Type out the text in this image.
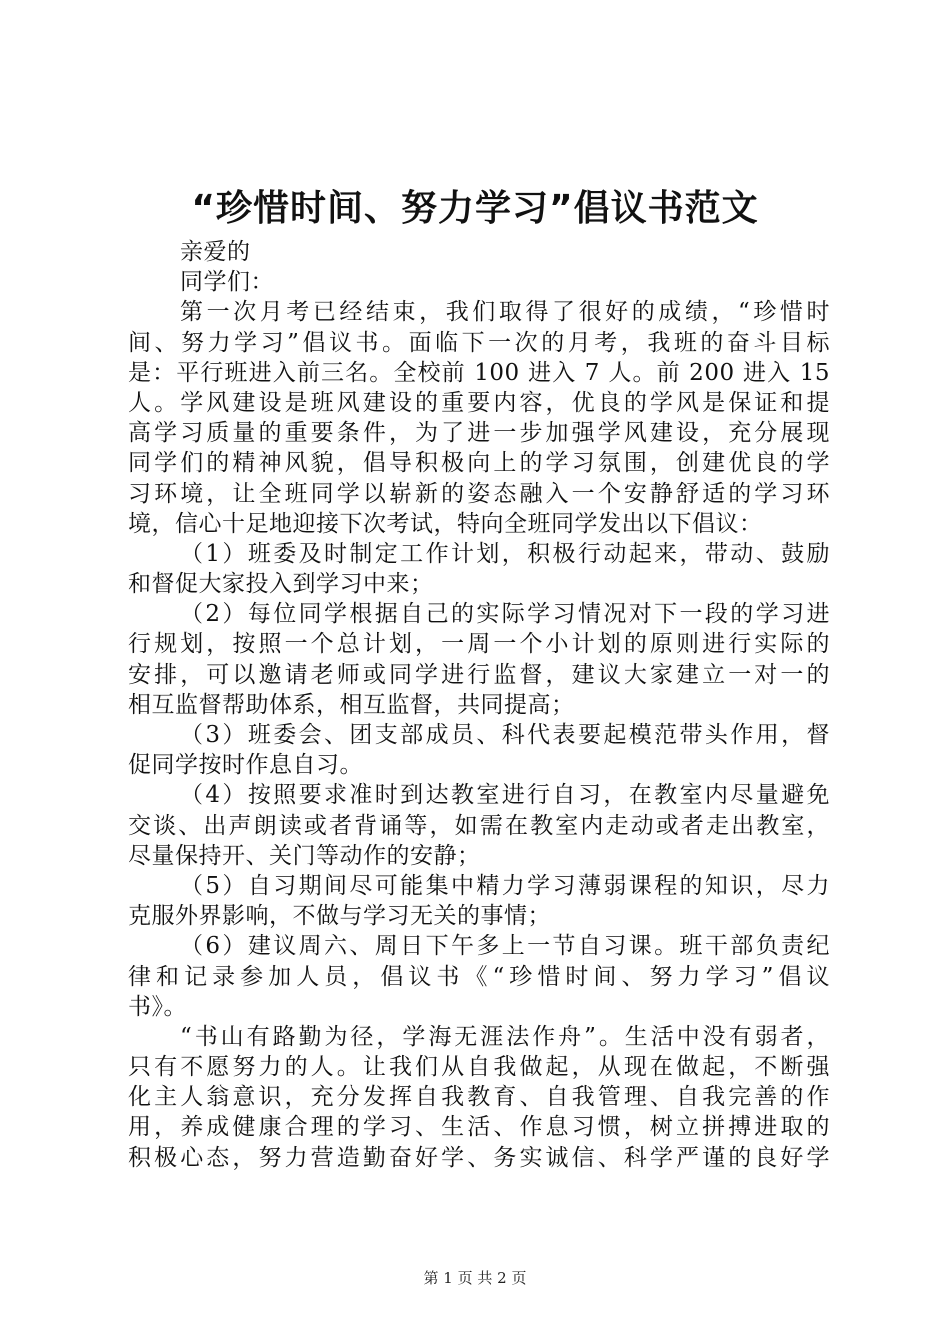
“珍惜时间、努力学习”倡议书范文
亲爱的
同学们：
第一次月考已经结束，我们取得了很好的成绩，“珍惜时
间、努力学习”倡议书。面临下一次的月考，我班的奋斗目标
是：平行班进入前三名。全校前 100 进入 7 人。前 200 进入 15
人。学风建设是班风建设的重要内容，优良的学风是保证和提
高学习质量的重要条件，为了进一步加强学风建设，充分展现
同学们的精神风貌，倡导积极向上的学习氛围，创建优良的学
习环境，让全班同学以崭新的姿态融入一个安静舒适的学习环
境，信心十足地迎接下次考试，特向全班同学发出以下倡议：
（1）班委及时制定工作计划，积极行动起来，带动、鼓励
和督促大家投入到学习中来；
（2）每位同学根据自己的实际学习情况对下一段的学习进
行规划，按照一个总计划，一周一个小计划的原则进行实际的
安排，可以邀请老师或同学进行监督，建议大家建立一对一的
相互监督帮助体系，相互监督，共同提高；
（3）班委会、团支部成员、科代表要起模范带头作用，督
促同学按时作息自习。
（4）按照要求准时到达教室进行自习，在教室内尽量避免
交谈、出声朗读或者背诵等，如需在教室内走动或者走出教室，
尽量保持开、关门等动作的安静；
（5）自习期间尽可能集中精力学习薄弱课程的知识，尽力
克服外界影响，不做与学习无关的事情；
（6）建议周六、周日下午多上一节自习课。班干部负责纪
律和记录参加人员，倡议书《“珍惜时间、努力学习”倡议
书》。
“书山有路勤为径，学海无涯法作舟”。生活中没有弱者，
只有不愿努力的人。让我们从自我做起，从现在做起，不断强
化主人翁意识，充分发挥自我教育、自我管理、自我完善的作
用，养成健康合理的学习、生活、作息习惯，树立拼搏进取的
积极心态，努力营造勤奋好学、务实诚信、科学严谨的良好学
第 1 页 共 2 页
